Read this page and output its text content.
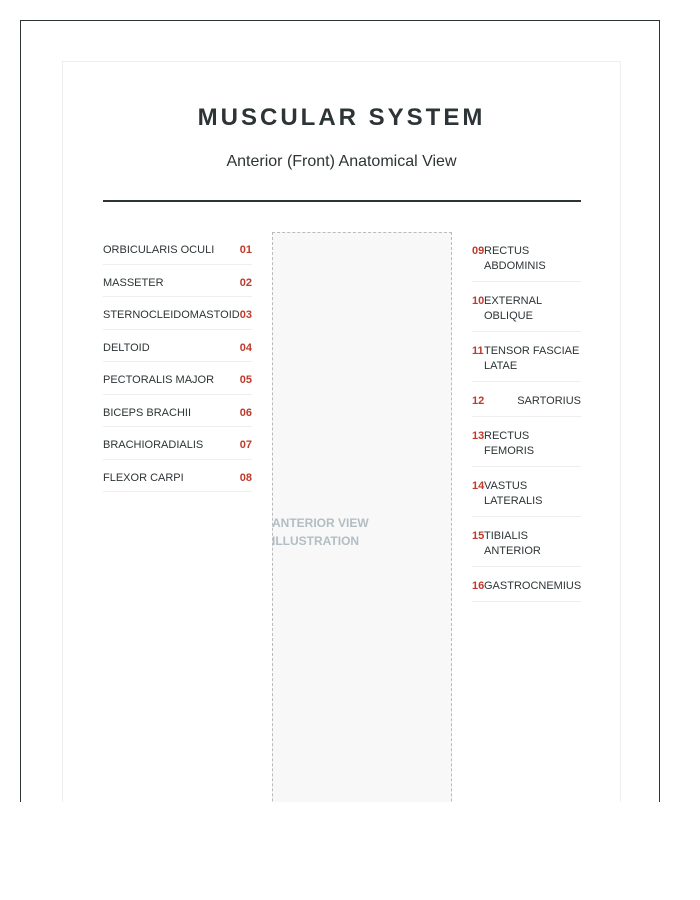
MUSCULAR SYSTEM

Anterior (Front) Anatomical View

ORBICULARIS OCULI 01
MASSETER	02
STERNOCLEIDOMASTOID 03
DELTOID	04
PECTORALIS MAJOR 05
BICEPS BRACHII	06
BRACHIORADIALIS	07
FLEXOR CARPI	08
ANTERIOR VIEW
ILLUSTRATION
09 RECTUS ABDOMINIS
10 EXTERNAL OBLIQUE
11 TENSOR FASCIAE LATAE
12	SARTORIUS
13 RECTUS FEMORIS
14 VASTUS LATERALIS
15 TIBIALIS ANTERIOR
16 GASTROCNEMIUS
